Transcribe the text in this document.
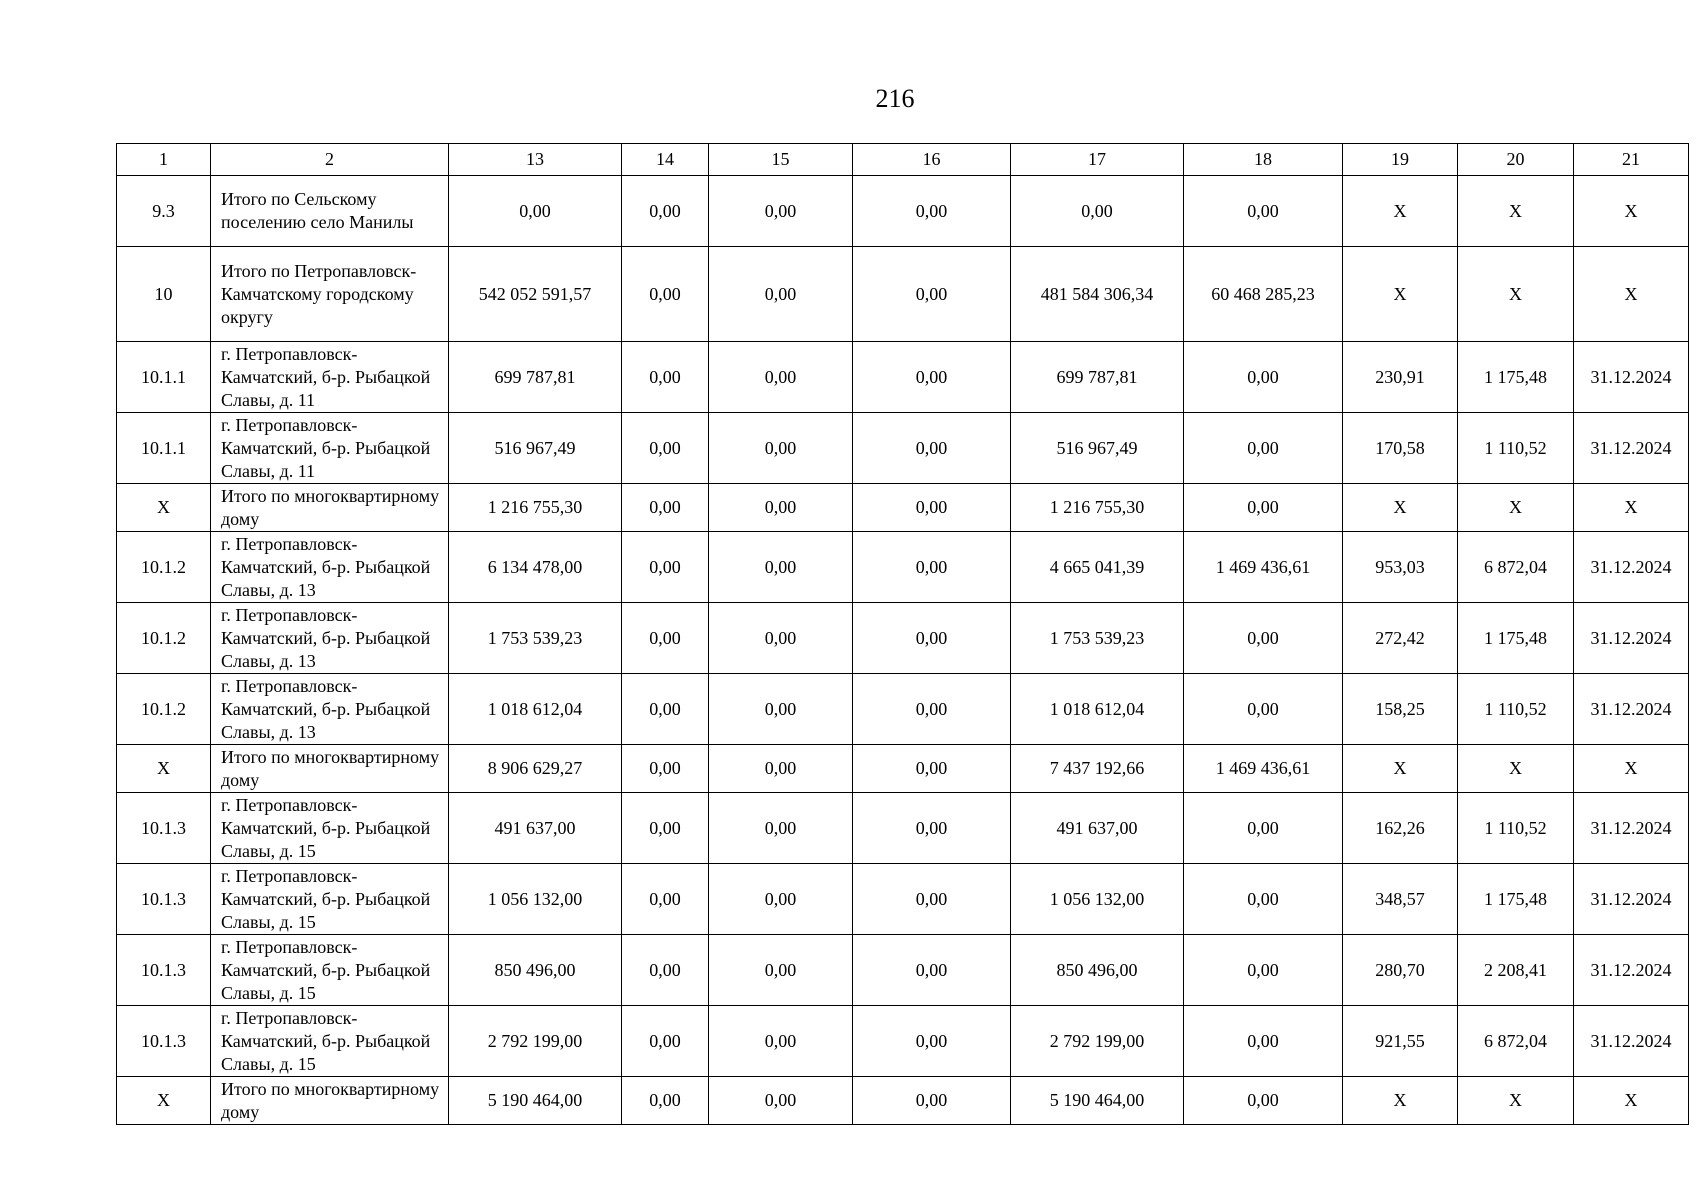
216
1	2	13	14	15	16	17	18	19	20	21
9.3	Итого по Сельскому поселению село Манилы	0,00	0,00	0,00	0,00	0,00	0,00	X	X	X
10	Итого по Петропавловск-Камчатскому городскому округу	542 052 591,57	0,00	0,00	0,00	481 584 306,34	60 468 285,23	X	X	X
10.1.1	г. Петропавловск-Камчатский, б-р. Рыбацкой Славы, д. 11	699 787,81	0,00	0,00	0,00	699 787,81	0,00	230,91	1 175,48	31.12.2024
10.1.1	г. Петропавловск-Камчатский, б-р. Рыбацкой Славы, д. 11	516 967,49	0,00	0,00	0,00	516 967,49	0,00	170,58	1 110,52	31.12.2024
X	Итого по многоквартирному дому	1 216 755,30	0,00	0,00	0,00	1 216 755,30	0,00	X	X	X
10.1.2	г. Петропавловск-Камчатский, б-р. Рыбацкой Славы, д. 13	6 134 478,00	0,00	0,00	0,00	4 665 041,39	1 469 436,61	953,03	6 872,04	31.12.2024
10.1.2	г. Петропавловск-Камчатский, б-р. Рыбацкой Славы, д. 13	1 753 539,23	0,00	0,00	0,00	1 753 539,23	0,00	272,42	1 175,48	31.12.2024
10.1.2	г. Петропавловск-Камчатский, б-р. Рыбацкой Славы, д. 13	1 018 612,04	0,00	0,00	0,00	1 018 612,04	0,00	158,25	1 110,52	31.12.2024
X	Итого по многоквартирному дому	8 906 629,27	0,00	0,00	0,00	7 437 192,66	1 469 436,61	X	X	X
10.1.3	г. Петропавловск-Камчатский, б-р. Рыбацкой Славы, д. 15	491 637,00	0,00	0,00	0,00	491 637,00	0,00	162,26	1 110,52	31.12.2024
10.1.3	г. Петропавловск-Камчатский, б-р. Рыбацкой Славы, д. 15	1 056 132,00	0,00	0,00	0,00	1 056 132,00	0,00	348,57	1 175,48	31.12.2024
10.1.3	г. Петропавловск-Камчатский, б-р. Рыбацкой Славы, д. 15	850 496,00	0,00	0,00	0,00	850 496,00	0,00	280,70	2 208,41	31.12.2024
10.1.3	г. Петропавловск-Камчатский, б-р. Рыбацкой Славы, д. 15	2 792 199,00	0,00	0,00	0,00	2 792 199,00	0,00	921,55	6 872,04	31.12.2024
X	Итого по многоквартирному дому	5 190 464,00	0,00	0,00	0,00	5 190 464,00	0,00	X	X	X
